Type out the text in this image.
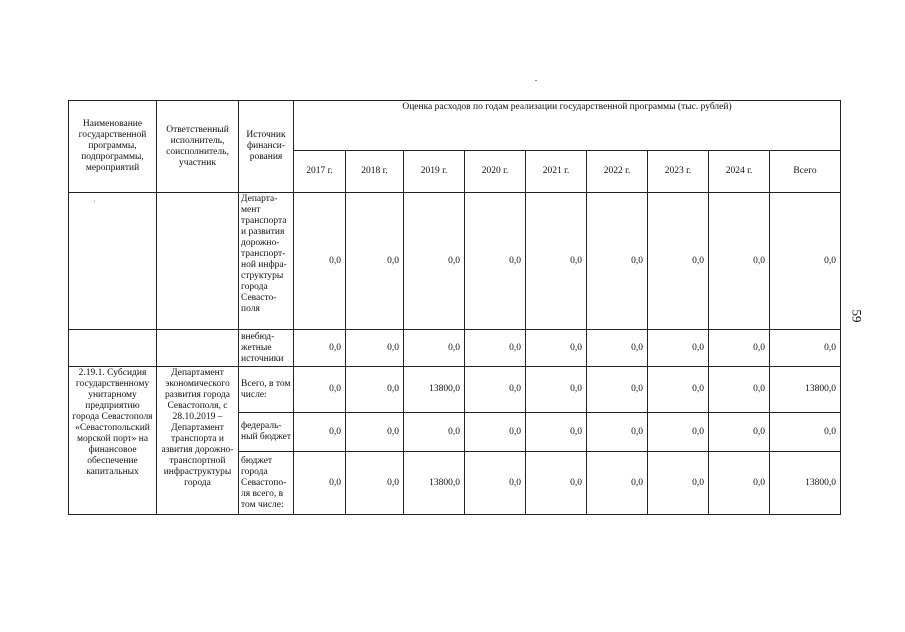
Наименование государственной программы, подпрограммы, мероприятий	Ответственный исполнитель, соисполнитель, участник	Источник финанси-рования	Оценка расходов по годам реализации государственной программы (тыс. рублей)								
			2017 г.	2018 г.	2019 г.	2020 г.	2021 г.	2022 г.	2023 г.	2024 г.	Всего
		Департа-мент транспорта и развития дорожно-транспорт-ной инфра-структуры города Севасто-поля	0,0	0,0	0,0	0,0	0,0	0,0	0,0	0,0	0,0
		внебюд-жетные источники	0,0	0,0	0,0	0,0	0,0	0,0	0,0	0,0	0,0
2.19.1. Субсидия государственному унитарному предприятию города Севастополя «Севастопольский морской порт» на финансовое обеспечение капитальных	Департамент экономического развития города Севастополя, с 28.10.2019 – Департамент транспорта и азвития дорожно-транспортной инфраструктуры города	Всего, в том числе:	0,0	0,0	13800,0	0,0	0,0	0,0	0,0	0,0	13800,0
		федераль-ный бюджет	0,0	0,0	0,0	0,0	0,0	0,0	0,0	0,0	0,0
		бюджет города Севастопо-ля всего, в том числе:	0,0	0,0	13800,0	0,0	0,0	0,0	0,0	0,0	13800,0
·
59
